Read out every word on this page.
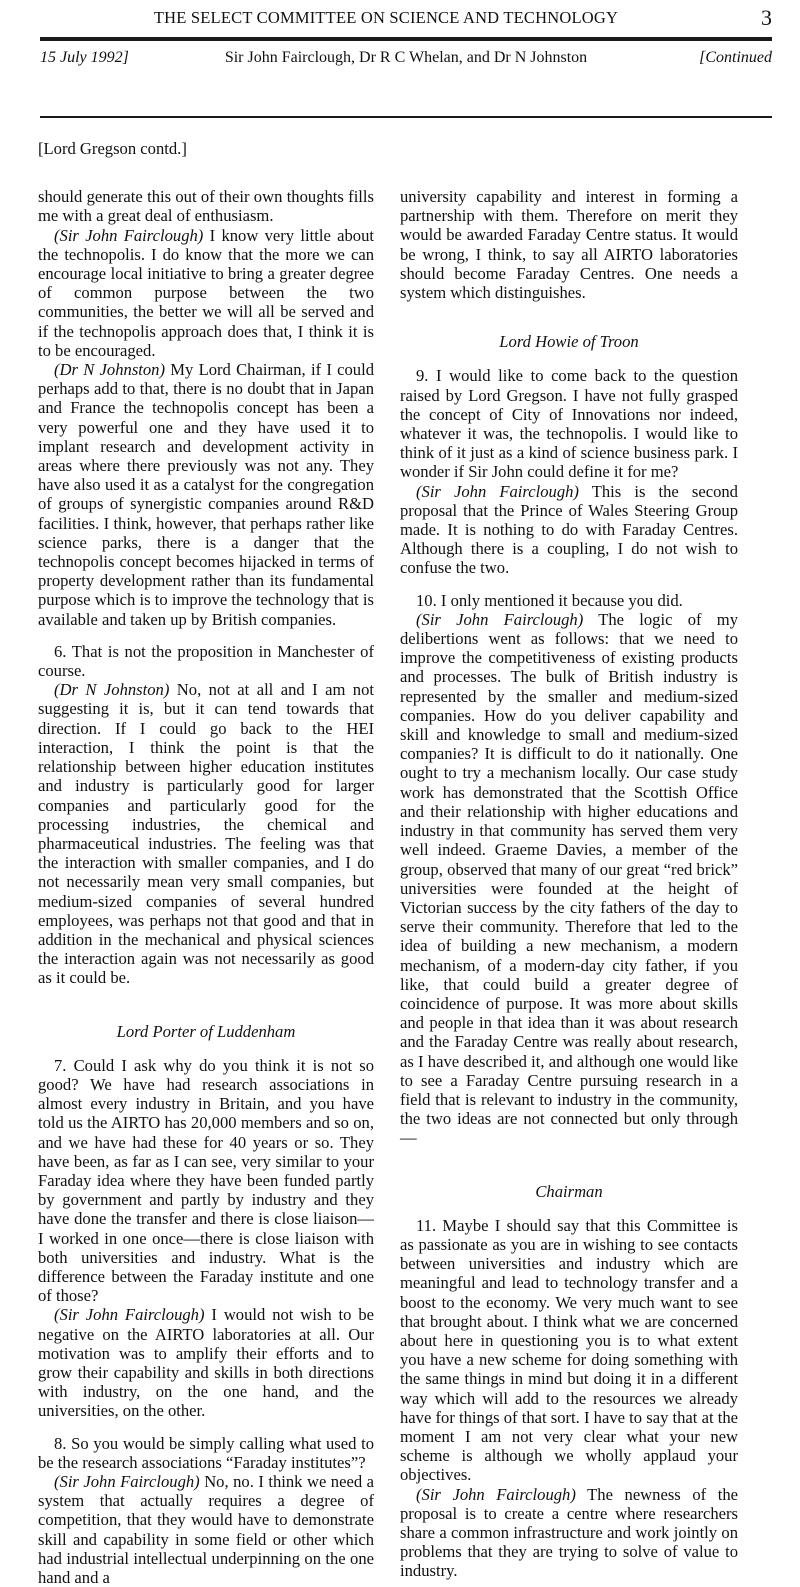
THE SELECT COMMITTEE ON SCIENCE AND TECHNOLOGY	3
15 July 1992]	Sir John Fairclough, Dr R C Whelan, and Dr N Johnston	[Continued
[Lord Gregson contd.]

should generate this out of their own thoughts fills me with a great deal of enthusiasm.

(Sir John Fairclough) I know very little about the technopolis. I do know that the more we can encourage local initiative to bring a greater degree of common purpose between the two communities, the better we will all be served and if the technopolis approach does that, I think it is to be encouraged.

(Dr N Johnston) My Lord Chairman, if I could perhaps add to that, there is no doubt that in Japan and France the technopolis concept has been a very powerful one and they have used it to implant research and development activity in areas where there previously was not any. They have also used it as a catalyst for the congregation of groups of synergistic companies around R&D facilities. I think, however, that perhaps rather like science parks, there is a danger that the technopolis concept becomes hijacked in terms of property development rather than its fundamental purpose which is to improve the technology that is available and taken up by British companies.

6. That is not the proposition in Manchester of course.

(Dr N Johnston) No, not at all and I am not suggesting it is, but it can tend towards that direction. If I could go back to the HEI interaction, I think the point is that the relationship between higher education institutes and industry is particularly good for larger companies and particularly good for the processing industries, the chemical and pharmaceutical industries. The feeling was that the interaction with smaller companies, and I do not necessarily mean very small companies, but medium-sized companies of several hundred employees, was perhaps not that good and that in addition in the mechanical and physical sciences the interaction again was not necessarily as good as it could be.

Lord Porter of Luddenham

7. Could I ask why do you think it is not so good? We have had research associations in almost every industry in Britain, and you have told us the AIRTO has 20,000 members and so on, and we have had these for 40 years or so. They have been, as far as I can see, very similar to your Faraday idea where they have been funded partly by government and partly by industry and they have done the transfer and there is close liaison—I worked in one once—there is close liaison with both universities and industry. What is the difference between the Faraday institute and one of those?

(Sir John Fairclough) I would not wish to be negative on the AIRTO laboratories at all. Our motivation was to amplify their efforts and to grow their capability and skills in both directions with industry, on the one hand, and the universities, on the other.

8. So you would be simply calling what used to be the research associations “Faraday institutes”?

(Sir John Fairclough) No, no. I think we need a system that actually requires a degree of competition, that they would have to demonstrate skill and capability in some field or other which had industrial intellectual underpinning on the one hand and a

university capability and interest in forming a partnership with them. Therefore on merit they would be awarded Faraday Centre status. It would be wrong, I think, to say all AIRTO laboratories should become Faraday Centres. One needs a system which distinguishes.

Lord Howie of Troon

9. I would like to come back to the question raised by Lord Gregson. I have not fully grasped the concept of City of Innovations nor indeed, whatever it was, the technopolis. I would like to think of it just as a kind of science business park. I wonder if Sir John could define it for me?

(Sir John Fairclough) This is the second proposal that the Prince of Wales Steering Group made. It is nothing to do with Faraday Centres. Although there is a coupling, I do not wish to confuse the two.

10. I only mentioned it because you did.

(Sir John Fairclough) The logic of my delibertions went as follows: that we need to improve the competitiveness of existing products and processes. The bulk of British industry is represented by the smaller and medium-sized companies. How do you deliver capability and skill and knowledge to small and medium-sized companies? It is difficult to do it nationally. One ought to try a mechanism locally. Our case study work has demonstrated that the Scottish Office and their relationship with higher educations and industry in that community has served them very well indeed. Graeme Davies, a member of the group, observed that many of our great “red brick” universities were founded at the height of Victorian success by the city fathers of the day to serve their community. Therefore that led to the idea of building a new mechanism, a modern mechanism, of a modern-day city father, if you like, that could build a greater degree of coincidence of purpose. It was more about skills and people in that idea than it was about research and the Faraday Centre was really about research, as I have described it, and although one would like to see a Faraday Centre pursuing research in a field that is relevant to industry in the community, the two ideas are not connected but only through—

Chairman

11. Maybe I should say that this Committee is as passionate as you are in wishing to see contacts between universities and industry which are meaningful and lead to technology transfer and a boost to the economy. We very much want to see that brought about. I think what we are concerned about here in questioning you is to what extent you have a new scheme for doing something with the same things in mind but doing it in a different way which will add to the resources we already have for things of that sort. I have to say that at the moment I am not very clear what your new scheme is although we wholly applaud your objectives.

(Sir John Fairclough) The newness of the proposal is to create a centre where researchers share a common infrastructure and work jointly on problems that they are trying to solve of value to industry.
